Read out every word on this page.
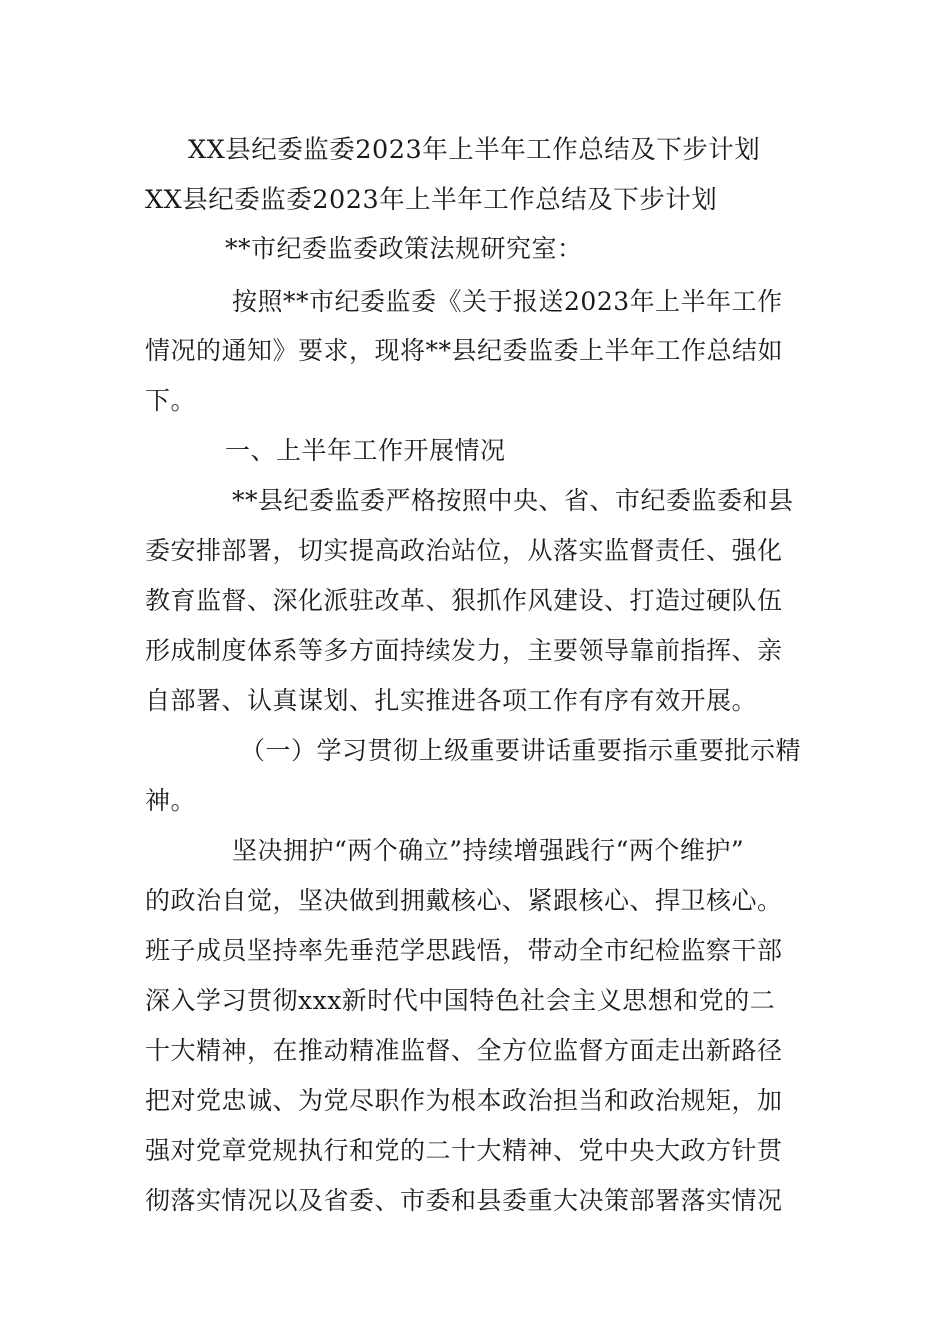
XX县纪委监委2023年上半年工作总结及下步计划
XX县纪委监委2023年上半年工作总结及下步计划
**市纪委监委政策法规研究室：
按照**市纪委监委《关于报送2023年上半年工作
情况的通知》要求，现将**县纪委监委上半年工作总结如
下。
一、上半年工作开展情况
**县纪委监委严格按照中央、省、市纪委监委和县
委安排部署，切实提高政治站位，从落实监督责任、强化
教育监督、深化派驻改革、狠抓作风建设、打造过硬队伍
形成制度体系等多方面持续发力，主要领导靠前指挥、亲
自部署、认真谋划、扎实推进各项工作有序有效开展。
（一）学习贯彻上级重要讲话重要指示重要批示精
神。
坚决拥护“两个确立”持续增强践行“两个维护”
的政治自觉，坚决做到拥戴核心、紧跟核心、捍卫核心。
班子成员坚持率先垂范学思践悟，带动全市纪检监察干部
深入学习贯彻xxx新时代中国特色社会主义思想和党的二
十大精神，在推动精准监督、全方位监督方面走出新路径
把对党忠诚、为党尽职作为根本政治担当和政治规矩，加
强对党章党规执行和党的二十大精神、党中央大政方针贯
彻落实情况以及省委、市委和县委重大决策部署落实情况
